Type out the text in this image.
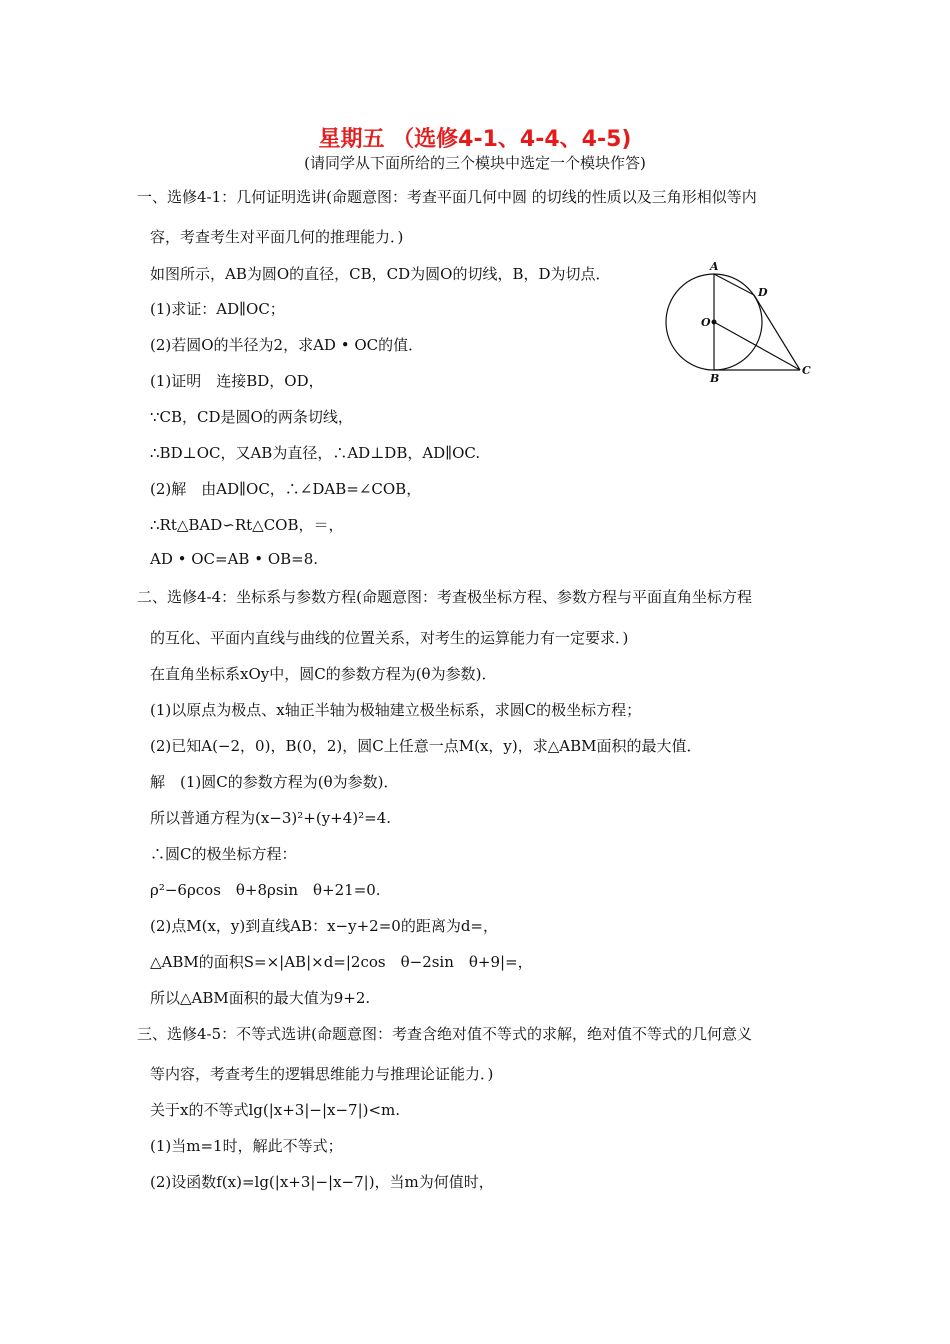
星期五 （选修4-1、4-4、4-5)
(请同学从下面所给的三个模块中选定一个模块作答)
一、选修4-1：几何证明选讲(命题意图：考查平面几何中圆 的切线的性质以及三角形相似等内
容，考查考生对平面几何的推理能力．)
如图所示，AB为圆O的直径，CB，CD为圆O的切线，B，D为切点．
(1)求证：AD∥OC；
(2)若圆O的半径为2，求AD • OC的值．
(1)证明　连接BD，OD，
∵CB，CD是圆O的两条切线，
∴BD⊥OC，又AB为直径，∴AD⊥DB，AD∥OC.
(2)解　由AD∥OC，∴∠DAB=∠COB，
∴Rt△BAD∽Rt△COB，＝，
AD • OC=AB • OB=8.
二、选修4-4：坐标系与参数方程(命题意图：考查极坐标方程、参数方程与平面直角坐标方程
的互化、平面内直线与曲线的位置关系，对考生的运算能力有一定要求．)
在直角坐标系xOy中，圆C的参数方程为(θ为参数)．
(1)以原点为极点、x轴正半轴为极轴建立极坐标系，求圆C的极坐标方程；
(2)已知A(−2，0)，B(0，2)，圆C上任意一点M(x，y)，求△ABM面积的最大值．
解　(1)圆C的参数方程为(θ为参数)．
所以普通方程为(x−3)²+(y+4)²=4.
∴圆C的极坐标方程：
ρ²−6ρcos　θ+8ρsin　θ+21=0.
(2)点M(x，y)到直线AB：x−y+2=0的距离为d=，
△ABM的面积S=×|AB|×d=|2cos　θ−2sin　θ+9|=，
所以△ABM面积的最大值为9+2.
三、选修4-5：不等式选讲(命题意图：考查含绝对值不等式的求解，绝对值不等式的几何意义
等内容，考查考生的逻辑思维能力与推理论证能力．)
关于x的不等式lg(|x+3|−|x−7|)<m.
(1)当m=1时，解此不等式；
(2)设函数f(x)=lg(|x+3|−|x−7|)，当m为何值时，
A
D
O
B
C
